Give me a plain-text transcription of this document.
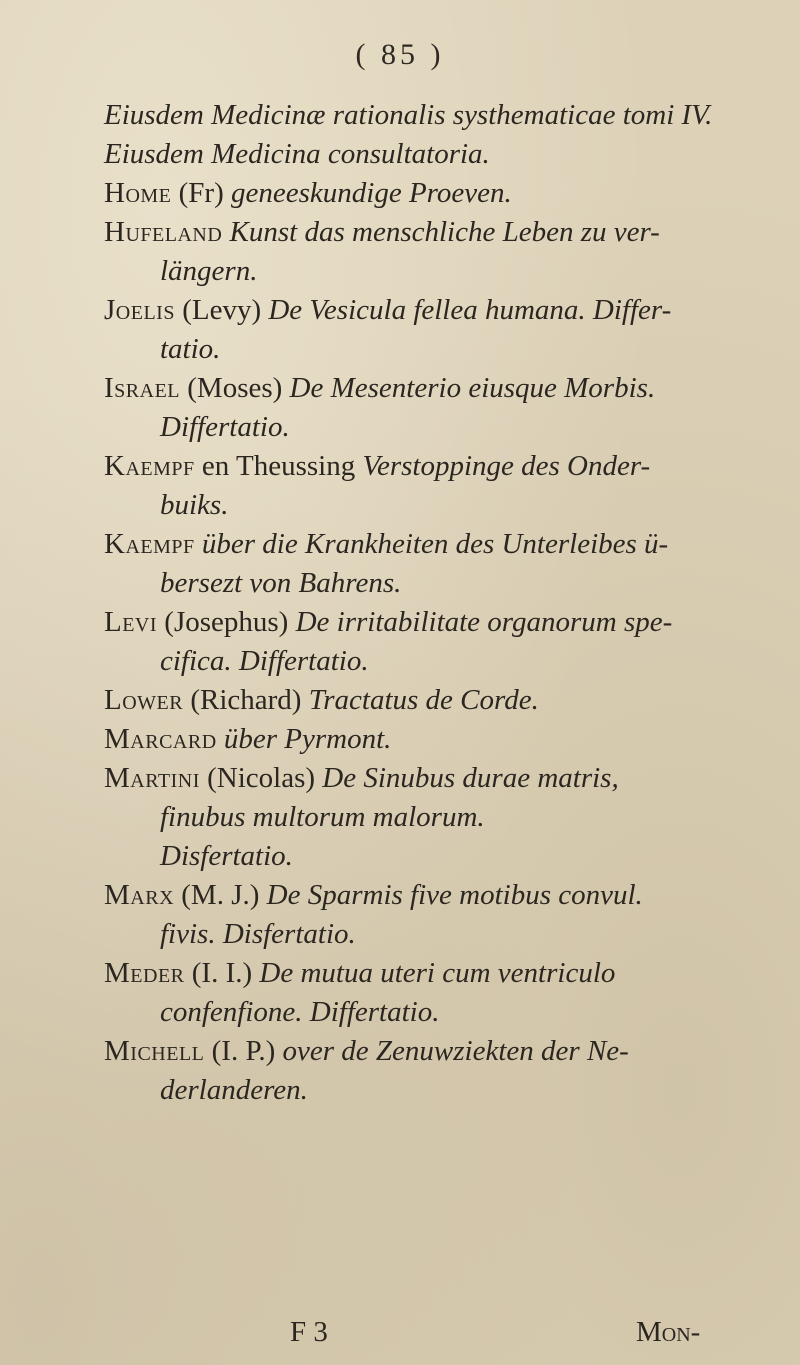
( 85 )
Eiusdem Medicinæ rationalis systhematicae tomi IV.
Eiusdem Medicina consultatoria.
Home (Fr) geneeskundige Proeven.
Hufeland Kunst das menschliche Leben zu ver-
längern.
Joelis (Levy) De Vesicula fellea humana. Differ-
tatio.
Israel (Moses) De Mesenterio eiusque Morbis.
Differtatio.
Kaempf en Theussing Verstoppinge des Onder-
buiks.
Kaempf über die Krankheiten des Unterleibes ü-
bersezt von Bahrens.
Levi (Josephus) De irritabilitate organorum spe-
cifica. Differtatio.
Lower (Richard) Tractatus de Corde.
Marcard über Pyrmont.
Martini (Nicolas) De Sinubus durae matris,
finubus multorum malorum.
Disfertatio.
Marx (M. J.) De Sparmis five motibus convul.
fivis. Disfertatio.
Meder (I. I.) De mutua uteri cum ventriculo
confenfione. Differtatio.
Michell (I. P.) over de Zenuwziekten der Ne-
derlanderen.
F 3	Mon-
